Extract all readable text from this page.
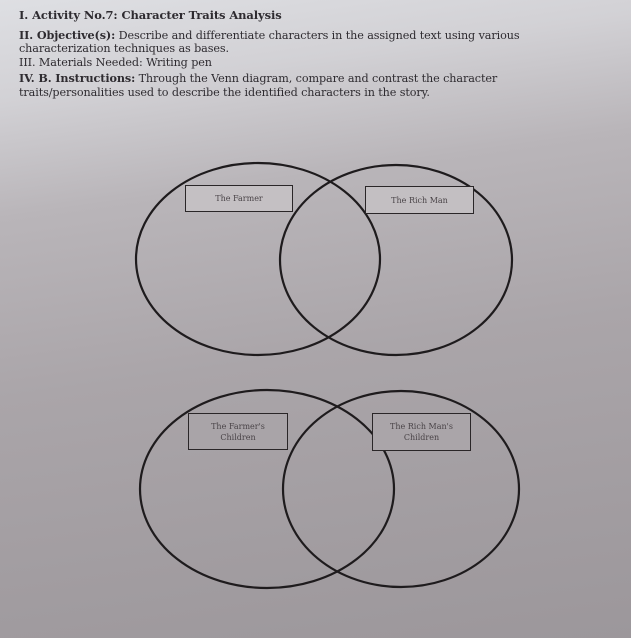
I. Activity No.7: Character Traits Analysis
II. Objective(s): Describe and differentiate characters in the assigned text using various
characterization techniques as bases.
III. Materials Needed: Writing pen
IV. B. Instructions: Through the Venn diagram, compare and contrast the character
traits/personalities used to describe the identified characters in the story.
The Farmer	The Rich Man
The Farmer's Children
The Rich Man's Children
